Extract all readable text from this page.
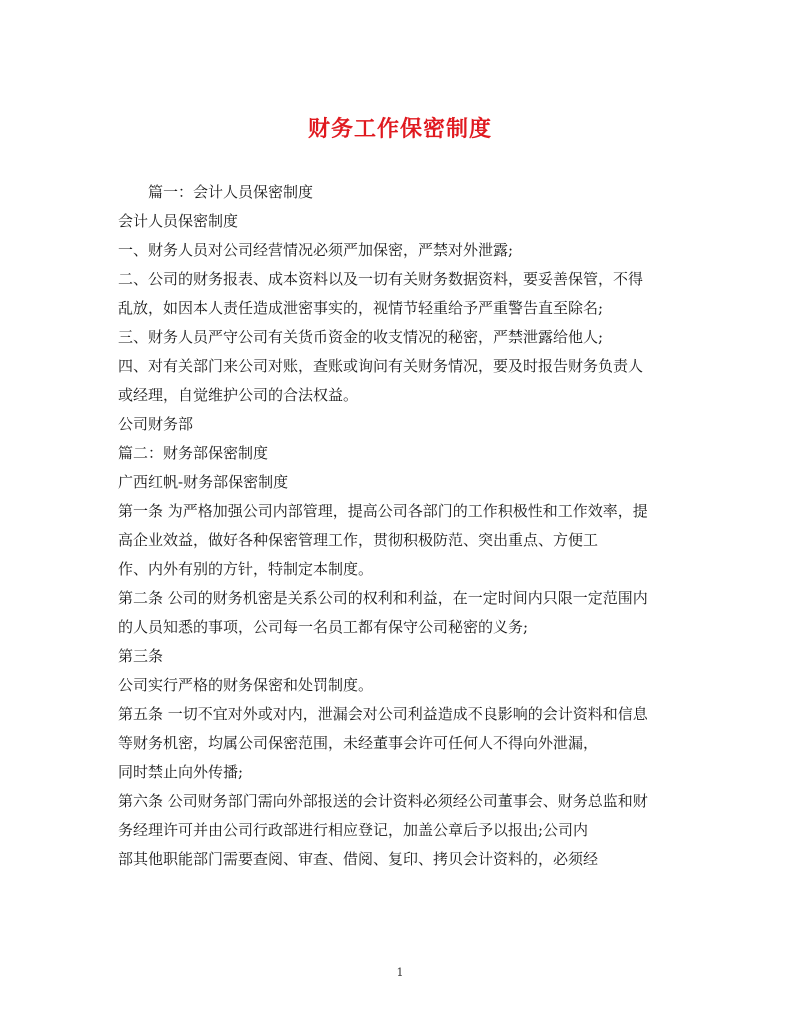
财务工作保密制度
篇一：会计人员保密制度
会计人员保密制度
一、财务人员对公司经营情况必须严加保密，严禁对外泄露;
二、公司的财务报表、成本资料以及一切有关财务数据资料，要妥善保管，不得
乱放，如因本人责任造成泄密事实的，视情节轻重给予严重警告直至除名;
三、财务人员严守公司有关货币资金的收支情况的秘密，严禁泄露给他人;
四、对有关部门来公司对账，查账或询问有关财务情况，要及时报告财务负责人
或经理，自觉维护公司的合法权益。
公司财务部
篇二：财务部保密制度
广西红帆-财务部保密制度
第一条 为严格加强公司内部管理，提高公司各部门的工作积极性和工作效率，提
高企业效益，做好各种保密管理工作，贯彻积极防范、突出重点、方便工
作、内外有别的方针，特制定本制度。
第二条 公司的财务机密是关系公司的权利和利益，在一定时间内只限一定范围内
的人员知悉的事项，公司每一名员工都有保守公司秘密的义务;
第三条
公司实行严格的财务保密和处罚制度。
第五条 一切不宜对外或对内，泄漏会对公司利益造成不良影响的会计资料和信息
等财务机密，均属公司保密范围，未经董事会许可任何人不得向外泄漏，
同时禁止向外传播;
第六条 公司财务部门需向外部报送的会计资料必须经公司董事会、财务总监和财
务经理许可并由公司行政部进行相应登记，加盖公章后予以报出;公司内
部其他职能部门需要查阅、审查、借阅、复印、拷贝会计资料的，必须经
1
